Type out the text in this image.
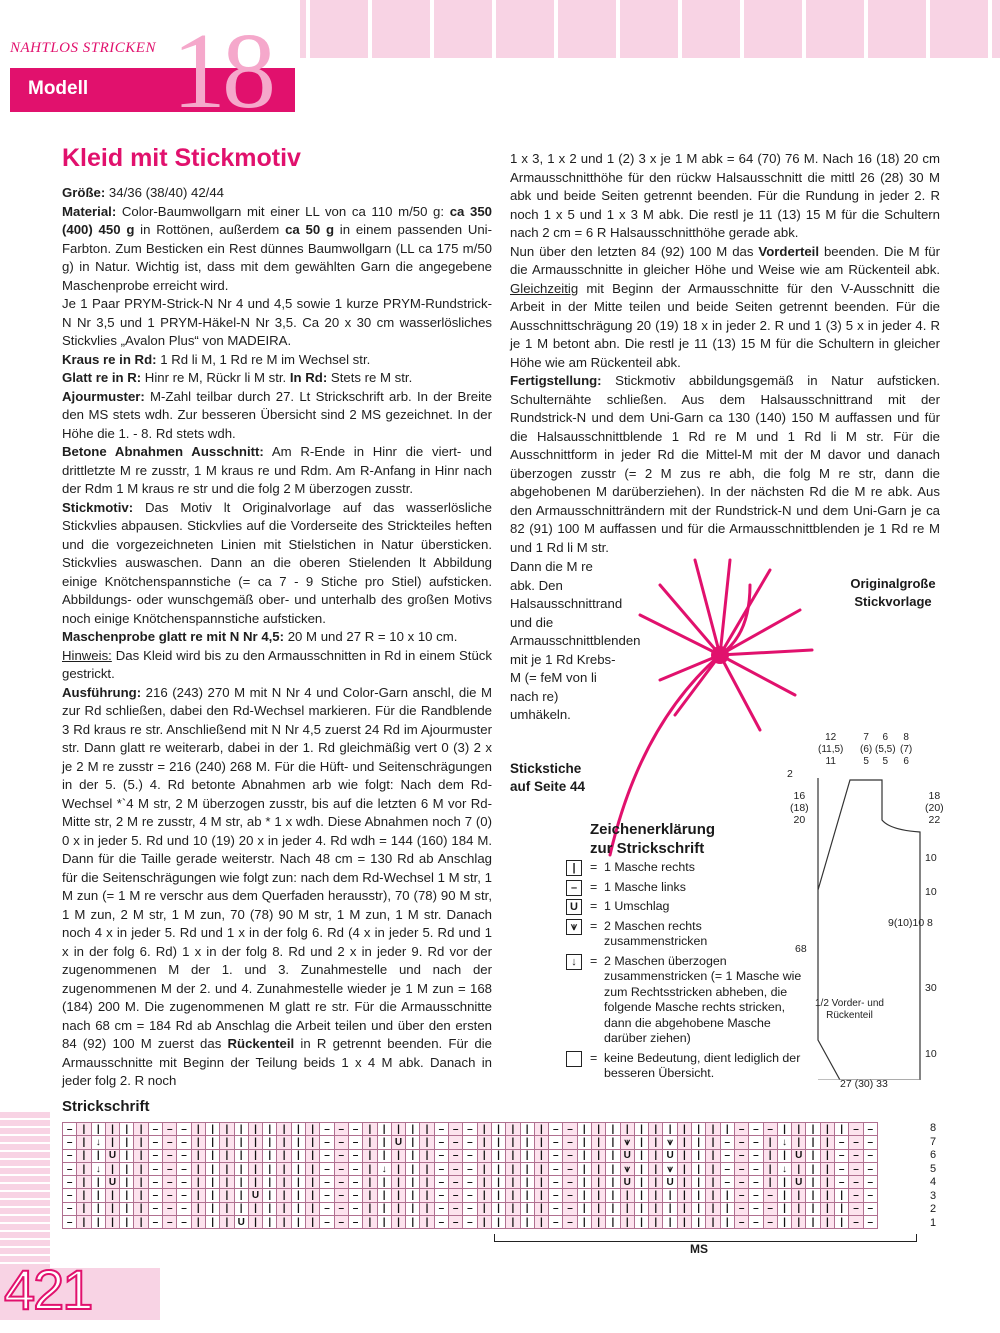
NAHTLOS STRICKEN
Modell 18
Kleid mit Stickmotiv

Größe: 34/36 (38/40) 42/44

Material: Color-Baumwollgarn mit einer LL von ca 110 m/50 g: ca 350 (400) 450 g in Rottönen, außerdem ca 50 g in einem passenden Uni-Farbton. Zum Besticken ein Rest dünnes Baumwollgarn (LL ca 175 m/50 g) in Natur. Wichtig ist, dass mit dem gewählten Garn die angegebene Maschenprobe erreicht wird.

Je 1 Paar PRYM-Strick-N Nr 4 und 4,5 sowie 1 kurze PRYM-Rundstrick-N Nr 3,5 und 1 PRYM-Häkel-N Nr 3,5. Ca 20 x 30 cm wasserlösliches Stickvlies „Avalon Plus“ von MADEIRA.

Kraus re in Rd: 1 Rd li M, 1 Rd re M im Wechsel str.

Glatt re in R: Hinr re M, Rückr li M str. In Rd: Stets re M str.

Ajourmuster: M-Zahl teilbar durch 27. Lt Strickschrift arb. In der Breite den MS stets wdh. Zur besseren Übersicht sind 2 MS gezeichnet. In der Höhe die 1. - 8. Rd stets wdh.

Betone Abnahmen Ausschnitt: Am R-Ende in Hinr die viert- und drittletzte M re zusstr, 1 M kraus re und Rdm. Am R-Anfang in Hinr nach der Rdm 1 M kraus re str und die folg 2 M überzogen zusstr.

Stickmotiv: Das Motiv lt Originalvorlage auf das wasserlösliche Stickvlies abpausen. Stickvlies auf die Vorderseite des Strickteiles heften und die vorgezeichneten Linien mit Stielstichen in Natur übersticken. Stickvlies auswaschen. Dann an die oberen Stielenden lt Abbildung einige Knötchenspannstiche (= ca 7 - 9 Stiche pro Stiel) aufsticken. Abbildungs- oder wunschgemäß ober- und unterhalb des großen Motivs noch einige Knötchenspannstiche aufsticken.

Maschenprobe glatt re mit N Nr 4,5: 20 M und 27 R = 10 x 10 cm.

Hinweis: Das Kleid wird bis zu den Armausschnitten in Rd in einem Stück gestrickt.

Ausführung: 216 (243) 270 M mit N Nr 4 und Color-Garn anschl, die M zur Rd schließen, dabei den Rd-Wechsel markieren. Für die Randblende 3 Rd kraus re str. Anschließend mit N Nr 4,5 zuerst 24 Rd im Ajourmuster str. Dann glatt re weiterarb, dabei in der 1. Rd gleichmäßig vert 0 (3) 2 x je 2 M re zusstr = 216 (240) 268 M. Für die Hüft- und Seitenschrägungen in der 5. (5.) 4. Rd betonte Abnahmen arb wie folgt: Nach dem Rd-Wechsel *`4 M str, 2 M überzogen zusstr, bis auf die letzten 6 M vor Rd-Mitte str, 2 M re zusstr, 4 M str, ab * 1 x wdh. Diese Abnahmen noch 7 (0) 0 x in jeder 5. Rd und 10 (19) 20 x in jeder 4. Rd wdh = 144 (160) 184 M. Dann für die Taille gerade weiterstr. Nach 48 cm = 130 Rd ab Anschlag für die Seitenschrägungen wie folgt zun: nach dem Rd-Wechsel 1 M str, 1 M zun (= 1 M re verschr aus dem Querfaden herausstr), 70 (78) 90 M str, 1 M zun, 2 M str, 1 M zun, 70 (78) 90 M str, 1 M zun, 1 M str. Danach noch 4 x in jeder 5. Rd und 1 x in der folg 6. Rd (4 x in jeder 5. Rd und 1 x in der folg 6. Rd) 1 x in der folg 8. Rd und 2 x in jeder 9. Rd vor der zugenommenen M der 1. und 3. Zunahmestelle und nach der zugenommenen M der 2. und 4. Zunahmestelle wieder je 1 M zun = 168 (184) 200 M. Die zugenommenen M glatt re str. Für die Armausschnitte nach 68 cm = 184 Rd ab Anschlag die Arbeit teilen und über den ersten 84 (92) 100 M zuerst das Rückenteil in R getrennt beenden. Für die Armausschnitte mit Beginn der Teilung beids 1 x 4 M abk. Danach in jeder folg 2. R noch

1 x 3, 1 x 2 und 1 (2) 3 x je 1 M abk = 64 (70) 76 M. Nach 16 (18) 20 cm Armausschnitthöhe für den rückw Halsausschnitt die mittl 26 (28) 30 M abk und beide Seiten getrennt beenden. Für die Rundung in jeder 2. R noch 1 x 5 und 1 x 3 M abk. Die restl je 11 (13) 15 M für die Schultern nach 2 cm = 6 R Halsausschnitthöhe gerade abk.

Nun über den letzten 84 (92) 100 M das Vorderteil beenden. Die M für die Armausschnitte in gleicher Höhe und Weise wie am Rückenteil abk. Gleichzeitig mit Beginn der Armausschnitte für den V-Ausschnitt die Arbeit in der Mitte teilen und beide Seiten getrennt beenden. Für die Ausschnittschrägung 20 (19) 18 x in jeder 2. R und 1 (3) 5 x in jeder 4. R je 1 M betont abn. Die restl je 11 (13) 15 M für die Schultern in gleicher Höhe wie am Rückenteil abk.

Fertigstellung: Stickmotiv abbildungsgemäß in Natur aufsticken. Schulternähte schließen. Aus dem Halsausschnittrand mit der Rundstrick-N und dem Uni-Garn ca 130 (140) 150 M auffassen und für die Halsausschnittblende 1 Rd re M und 1 Rd li M str. Für die Ausschnittform in jeder Rd die Mittel-M mit der M davor und danach überzogen zusstr (= 2 M zus re abh, die folg M re str, dann die abgehobenen M darüberziehen). In der nächsten Rd die M re abk. Aus den Armausschnitträndern mit der Rundstrick-N und dem Uni-Garn je ca 82 (91) 100 M auffassen und für die Armausschnittblenden je 1 Rd re M und 1 Rd li M str.

Dann die M re abk. Den Halsausschnittrand und die Armausschnittblenden mit je 1 Rd Krebs-M (= feM von li nach re) umhäkeln.
Originalgroße Stickvorlage
Stickstiche auf Seite 44
Zeichenerklärung zur Strickschrift
|	= 1 Masche rechts
–	= 1 Masche links
U = 1 Umschlag
⩛	= 2 Maschen rechts zusammenstricken
↓	= 2 Maschen überzogen zusammenstricken (= 1 Masche wie zum Rechtsstricken abheben, die folgende Masche rechts stricken, dann die abgehobene Masche darüber ziehen)
= keine Bedeutung, dient lediglich der besseren Übersicht.
12
(11,5)
11
7
(6)
5
6
(5,5)
5
8
(7)
6
2
16
(18)
20
18
(20)
22
10
10
9(10)10 8
68
30
1/2 Vorder- und
Rückenteil
10
27 (30) 33
Strickschrift
–	|	|	|	|	|	–	–	–	|	|	|	|	|	|	|	|	|	–	–	–	|	|	|	|	|	–	–	–	|	|	|	|	|	–	–	|	|	|	|	|	|	|	|	|	|	|	–	–	–	|	|	|	|	|	–	–
–	|	↓	|	|	|	–	–	–	|	|	|	|	|	|	|	|	|	–	–	–	|	|	U	|	|	–	–	–	|	|	|	|	|	–	–	|	|	|	⩛	|	|	⩛	|	|	|	–	–	–	|	↓	|	|	|	–	–	–
–	|	|	U	|	|	–	–	–	|	|	|	|	|	|	|	|	|	–	–	–	|	|	|	|	|	–	–	–	|	|	|	|	|	–	–	|	|	|	U	|	|	U	|	|	|	–	–	–	|	|	U	|	|	–	–	–
–	|	↓	|	|	|	–	–	–	|	|	|	|	|	|	|	|	|	–	–	–	|	↓	|	|	|	–	–	–	|	|	|	|	|	–	–	|	|	|	⩛	|	|	⩛	|	|	|	–	–	–	|	↓	|	|	|	–	–	–
–	|	|	U	|	|	–	–	–	|	|	|	|	|	|	|	|	|	–	–	–	|	|	|	|	|	–	–	–	|	|	|	|	|	–	–	|	|	|	U	|	|	U	|	|	|	–	–	–	|	|	U	|	|	–	–	–
–	|	|	|	|	|	–	–	–	|	|	|	|	U	|	|	|	|	–	–	–	|	|	|	|	|	–	–	–	|	|	|	|	|	–	–	|	|	|	|	|	|	|	|	|	|	|	–	–	–	|	|	|	|	|	–	–
–	|	|	|	|	|	–	–	–	|	|	|	|	|	|	|	|	|	–	–	–	|	|	|	|	|	–	–	–	|	|	|	|	|	–	–	|	|	|	|	|	|	|	|	|	|	|	–	–	–	|	|	|	|	|	–	–
–	|	|	|	|	|	–	–	–	|	|	|	U	|	|	|	|	|	–	–	–	|	|	|	|	|	–	–	–	|	|	|	|	|	–	–	|	|	|	|	|	|	|	|	|	|	|	–	–	–	|	|	|	|	|	–	–
8
7
6
5
4
3
2
1
MS
421
